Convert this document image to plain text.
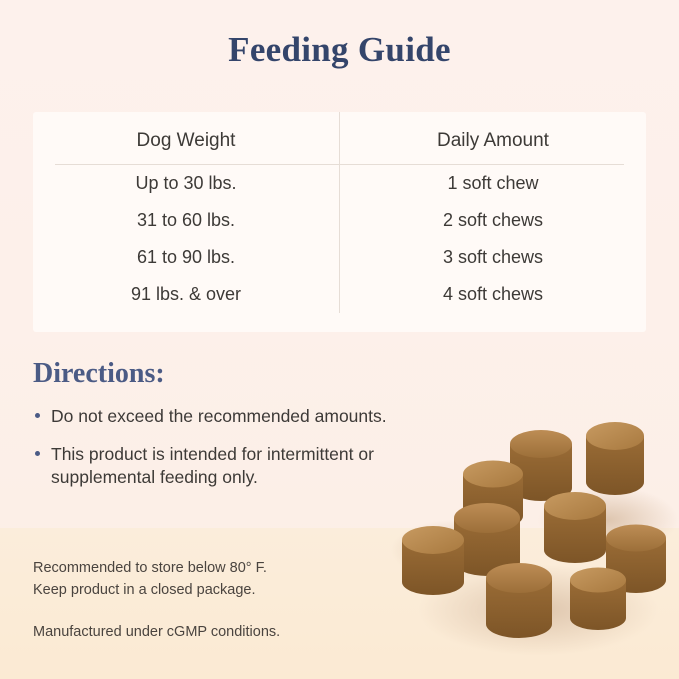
Feeding Guide
Dog Weight	Daily Amount

Up to 30 lbs.	1 soft chew
31 to 60 lbs.	2 soft chews
61 to 90 lbs.	3 soft chews
91 lbs. & over	4 soft chews
Directions:
Do not exceed the recommended amounts.
This product is intended for intermittent or supplemental feeding only.

Recommended to store below 80° F.

Keep product in a closed package.

Manufactured under cGMP conditions.
